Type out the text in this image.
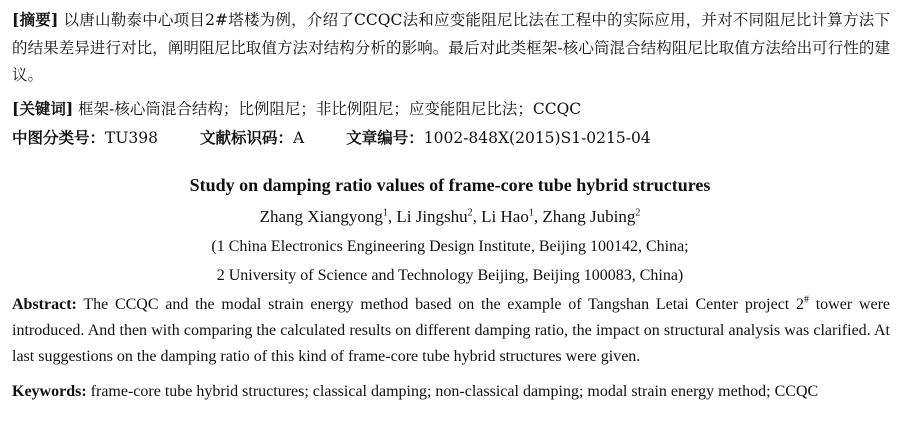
[摘要] 以唐山勒泰中心项目2#塔楼为例，介绍了CCQC法和应变能阻尼比法在工程中的实际应用，并对不同阻尼比计算方法下的结果差异进行对比，阐明阻尼比取值方法对结构分析的影响。最后对此类框架-核心筒混合结构阻尼比取值方法给出可行性的建议。
[关键词] 框架-核心筒混合结构；比例阻尼；非比例阻尼；应变能阻尼比法；CCQC
中图分类号：TU398	文献标识码：A	文章编号：1002-848X(2015)S1-0215-04
Study on damping ratio values of frame-core tube hybrid structures
Zhang Xiangyong$^1$, Li Jingshu$^2$, Li Hao$^1$, Zhang Jubing$^2$
(1 China Electronics Engineering Design Institute, Beijing 100142, China;
2 University of Science and Technology Beijing, Beijing 100083, China)
Abstract: The CCQC and the modal strain energy method based on the example of Tangshan Letai Center project 2# tower were introduced. And then with comparing the calculated results on different damping ratio, the impact on structural analysis was clarified. At last suggestions on the damping ratio of this kind of frame-core tube hybrid structures were given.
Keywords: frame-core tube hybrid structures; classical damping; non-classical damping; modal strain energy method; CCQC
